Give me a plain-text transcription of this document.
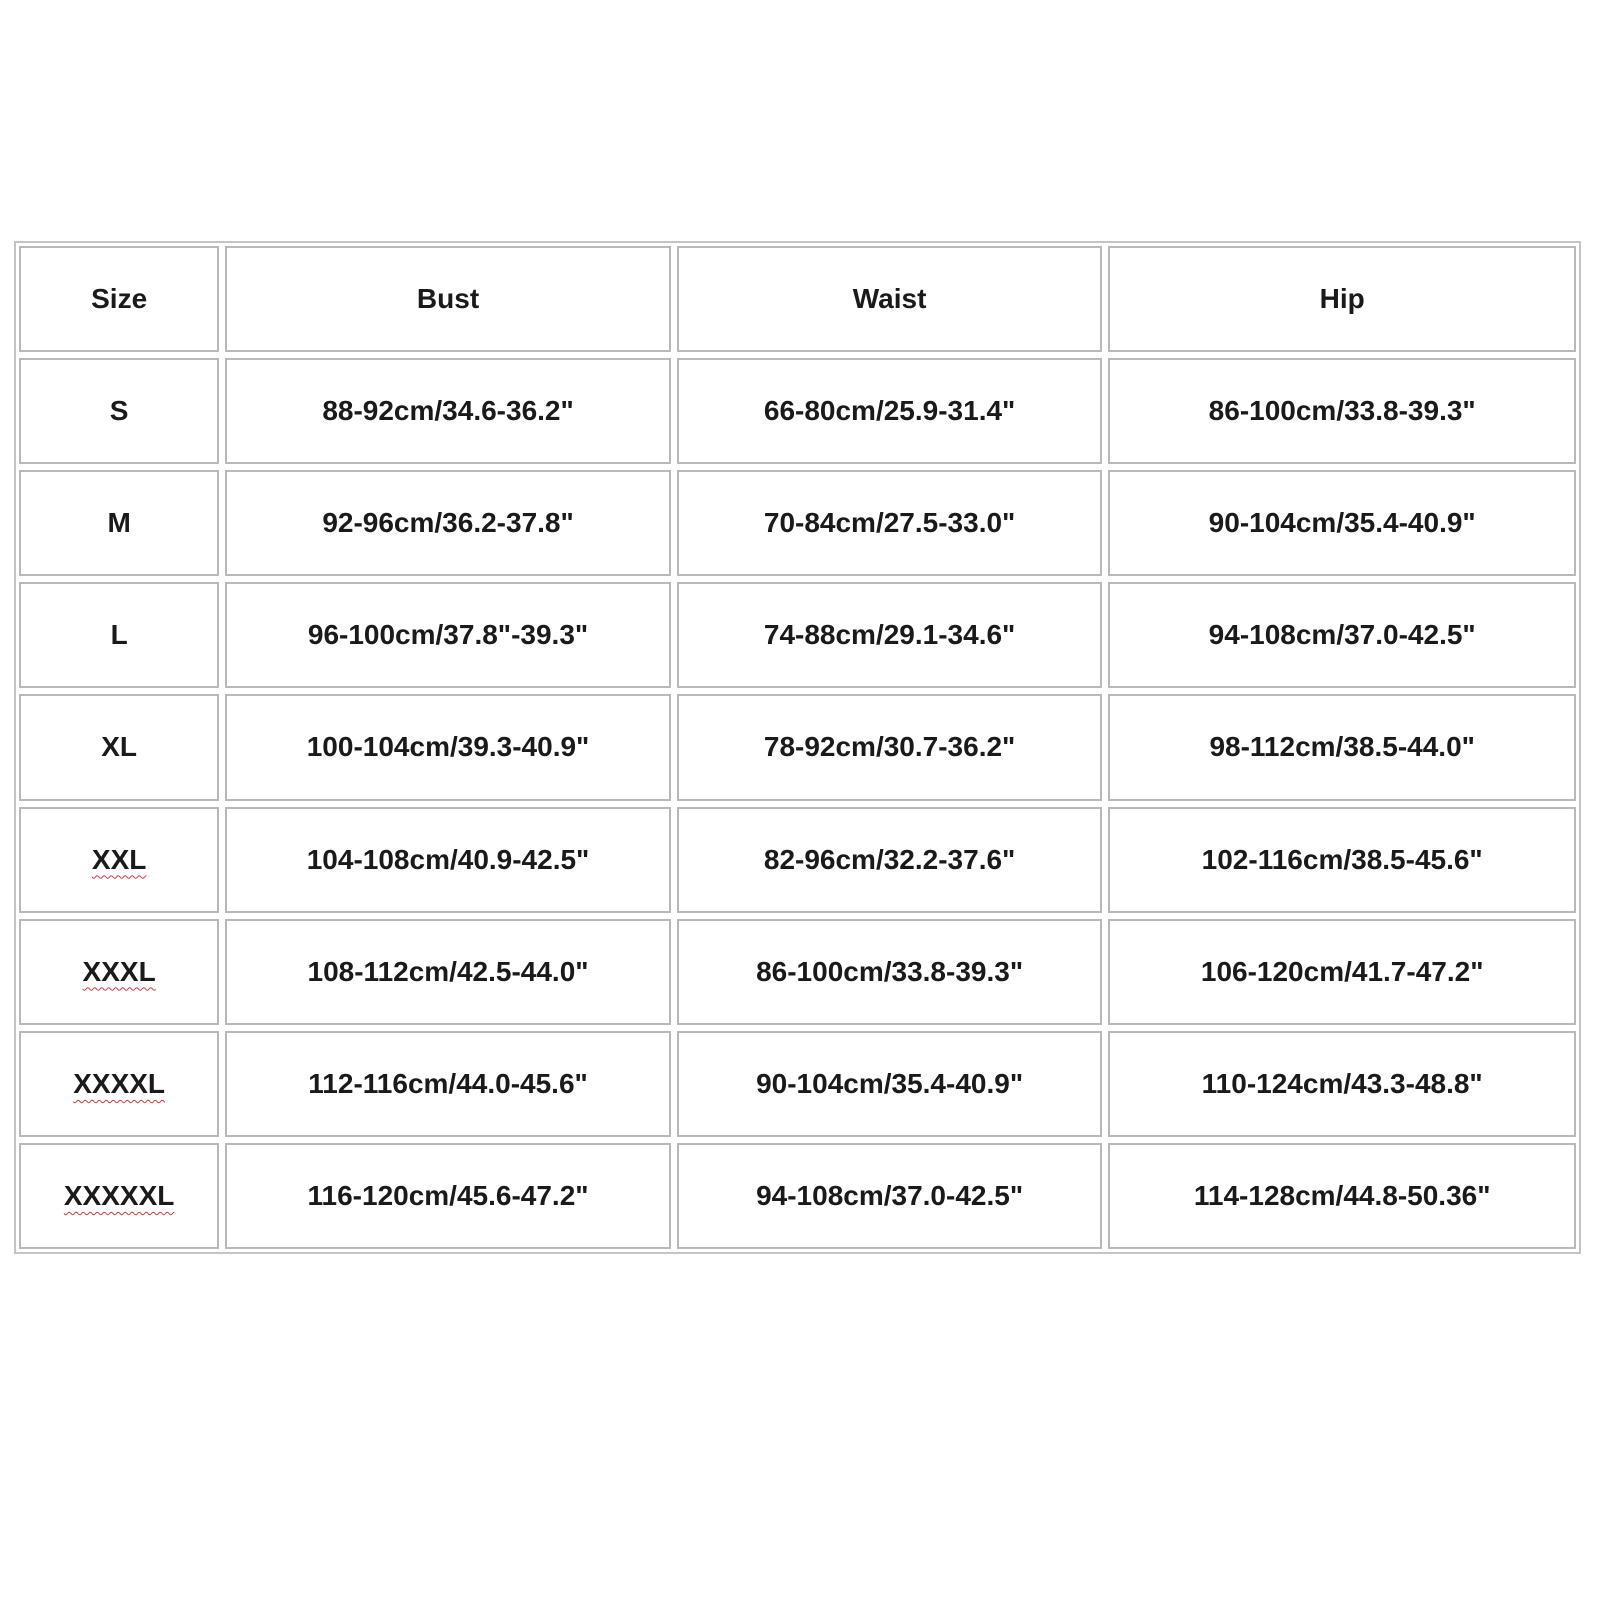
Size	Bust	Waist	Hip
S	88-92cm/34.6-36.2"	66-80cm/25.9-31.4"	86-100cm/33.8-39.3"
M	92-96cm/36.2-37.8"	70-84cm/27.5-33.0"	90-104cm/35.4-40.9"
L	96-100cm/37.8"-39.3"	74-88cm/29.1-34.6"	94-108cm/37.0-42.5"
XL	100-104cm/39.3-40.9"	78-92cm/30.7-36.2"	98-112cm/38.5-44.0"
XXL	104-108cm/40.9-42.5"	82-96cm/32.2-37.6"	102-116cm/38.5-45.6"
XXXL	108-112cm/42.5-44.0"	86-100cm/33.8-39.3"	106-120cm/41.7-47.2"
XXXXL	112-116cm/44.0-45.6"	90-104cm/35.4-40.9"	110-124cm/43.3-48.8"
XXXXXL	116-120cm/45.6-47.2"	94-108cm/37.0-42.5"	114-128cm/44.8-50.36"
